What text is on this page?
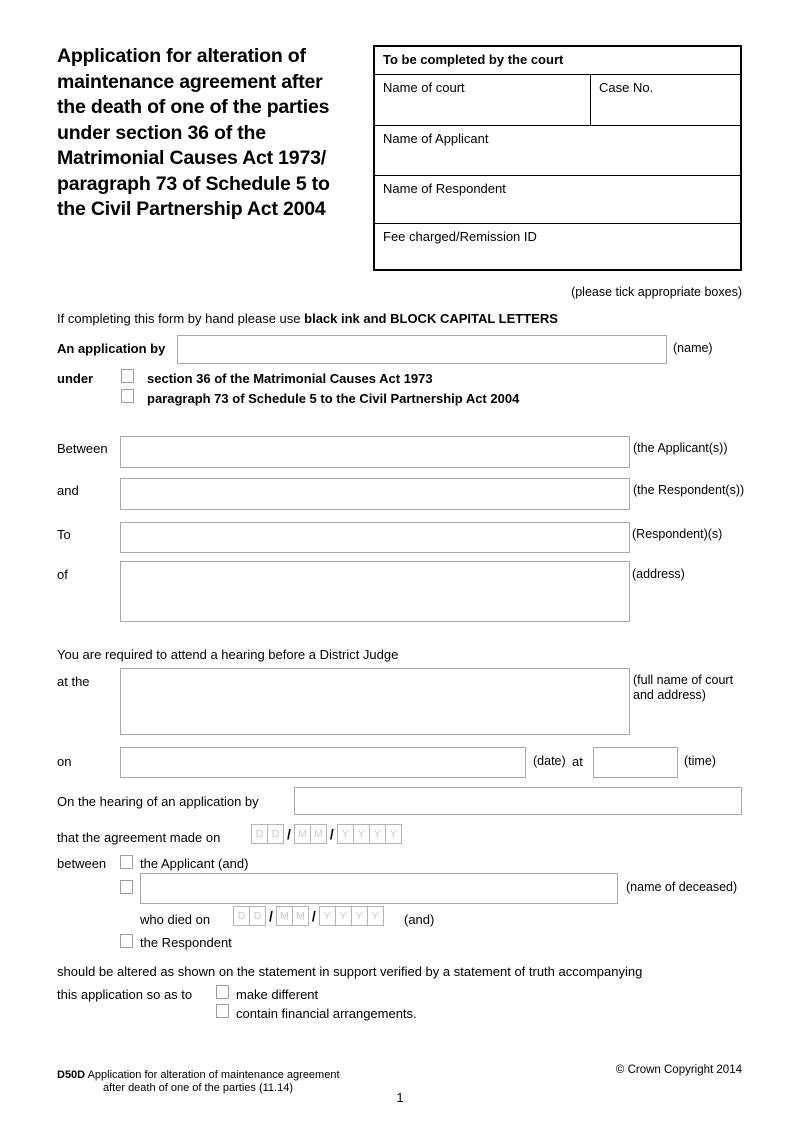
Application for alteration of
maintenance agreement after
the death of one of the parties
under section 36 of the
Matrimonial Causes Act 1973/
paragraph 73 of Schedule 5 to
the Civil Partnership Act 2004
To be completed by the court
Name of court	Case No.
Name of Applicant
Name of Respondent
Fee charged/Remission ID
(please tick appropriate boxes)
If completing this form by hand please use black ink and BLOCK CAPITAL LETTERS
An application by	(name)
under	section 36 of the Matrimonial Causes Act 1973
paragraph 73 of Schedule 5 to the Civil Partnership Act 2004
Between	(the Applicant(s))
and	(the Respondent(s))
To	(Respondent)(s)
of	(address)
You are required to attend a hearing before a District Judge
at the	(full name of court and address)
on	(date) at	(time)
On the hearing of an application by
that the agreement made on	D D / M M / Y Y Y Y
between	the Applicant (and)
(name of deceased)
who died on	D D / M M / Y Y Y Y	(and)
the Respondent
should be altered as shown on the statement in support verified by a statement of truth accompanying
this application so as to	make different
contain financial arrangements.
D50D Application for alteration of maintenance agreement
after death of one of the parties (11.14)
© Crown Copyright 2014
1
